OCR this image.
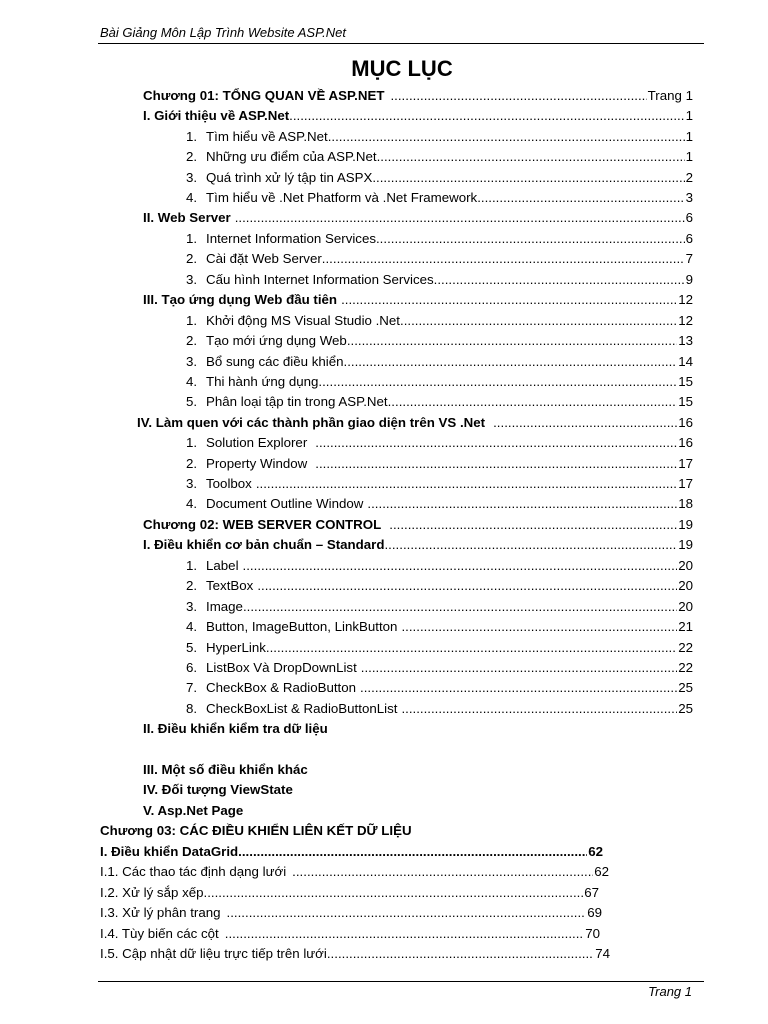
Bài Giảng Môn Lập Trình Website ASP.Net
MỤC LỤC
Chương 01: TỔNG QUAN VỀ ASP.NET .....	Trang 1
I. Giới thiệu về ASP.Net .....	1
1. Tìm hiểu về ASP.Net .....	1
2. Những ưu điểm của ASP.Net .....	1
3. Quá trình xử lý tập tin ASPX .....	2
4. Tìm hiểu về .Net Phatform và .Net Framework .....	3
II. Web Server .....	6
1. Internet Information Services .....	6
2. Cài đặt Web Server .....	7
3. Cấu hình Internet Information Services .....	9
III. Tạo ứng dụng Web đầu tiên .....	12
1. Khởi động MS Visual Studio .Net .....	12
2. Tạo mới ứng dụng Web .....	13
3. Bổ sung các điều khiển .....	14
4. Thi hành ứng dụng .....	15
5. Phân loại tập tin trong ASP.Net .....	15
IV. Làm quen với các thành phần giao diện trên VS .Net .....	16
1. Solution Explorer .....	16
2. Property Window .....	17
3. Toolbox .....	17
4. Document Outline Window .....	18
Chương 02: WEB SERVER CONTROL .....	19
I. Điều khiển cơ bản chuẩn – Standard .....	19
1. Label .....	20
2. TextBox .....	20
3. Image .....	20
4. Button, ImageButton, LinkButton .....	21
5. HyperLink .....	22
6. ListBox Và DropDownList .....	22
7. CheckBox & RadioButton .....	25
8. CheckBoxList & RadioButtonList .....	25
II. Điều khiển kiểm tra dữ liệu
III. Một số điều khiển khác
IV. Đối tượng ViewState
V. Asp.Net Page
Chương 03: CÁC ĐIỀU KHIỂN LIÊN KẾT DỮ LIỆU
I. Điều khiển DataGrid .....	62
I.1. Các thao tác định dạng lưới .....	62
I.2. Xử lý sắp xếp .....	67
I.3. Xử lý phân trang .....	69
I.4. Tùy biến các cột .....	70
I.5. Cập nhật dữ liệu trực tiếp trên lưới .....	74
Trang 1
